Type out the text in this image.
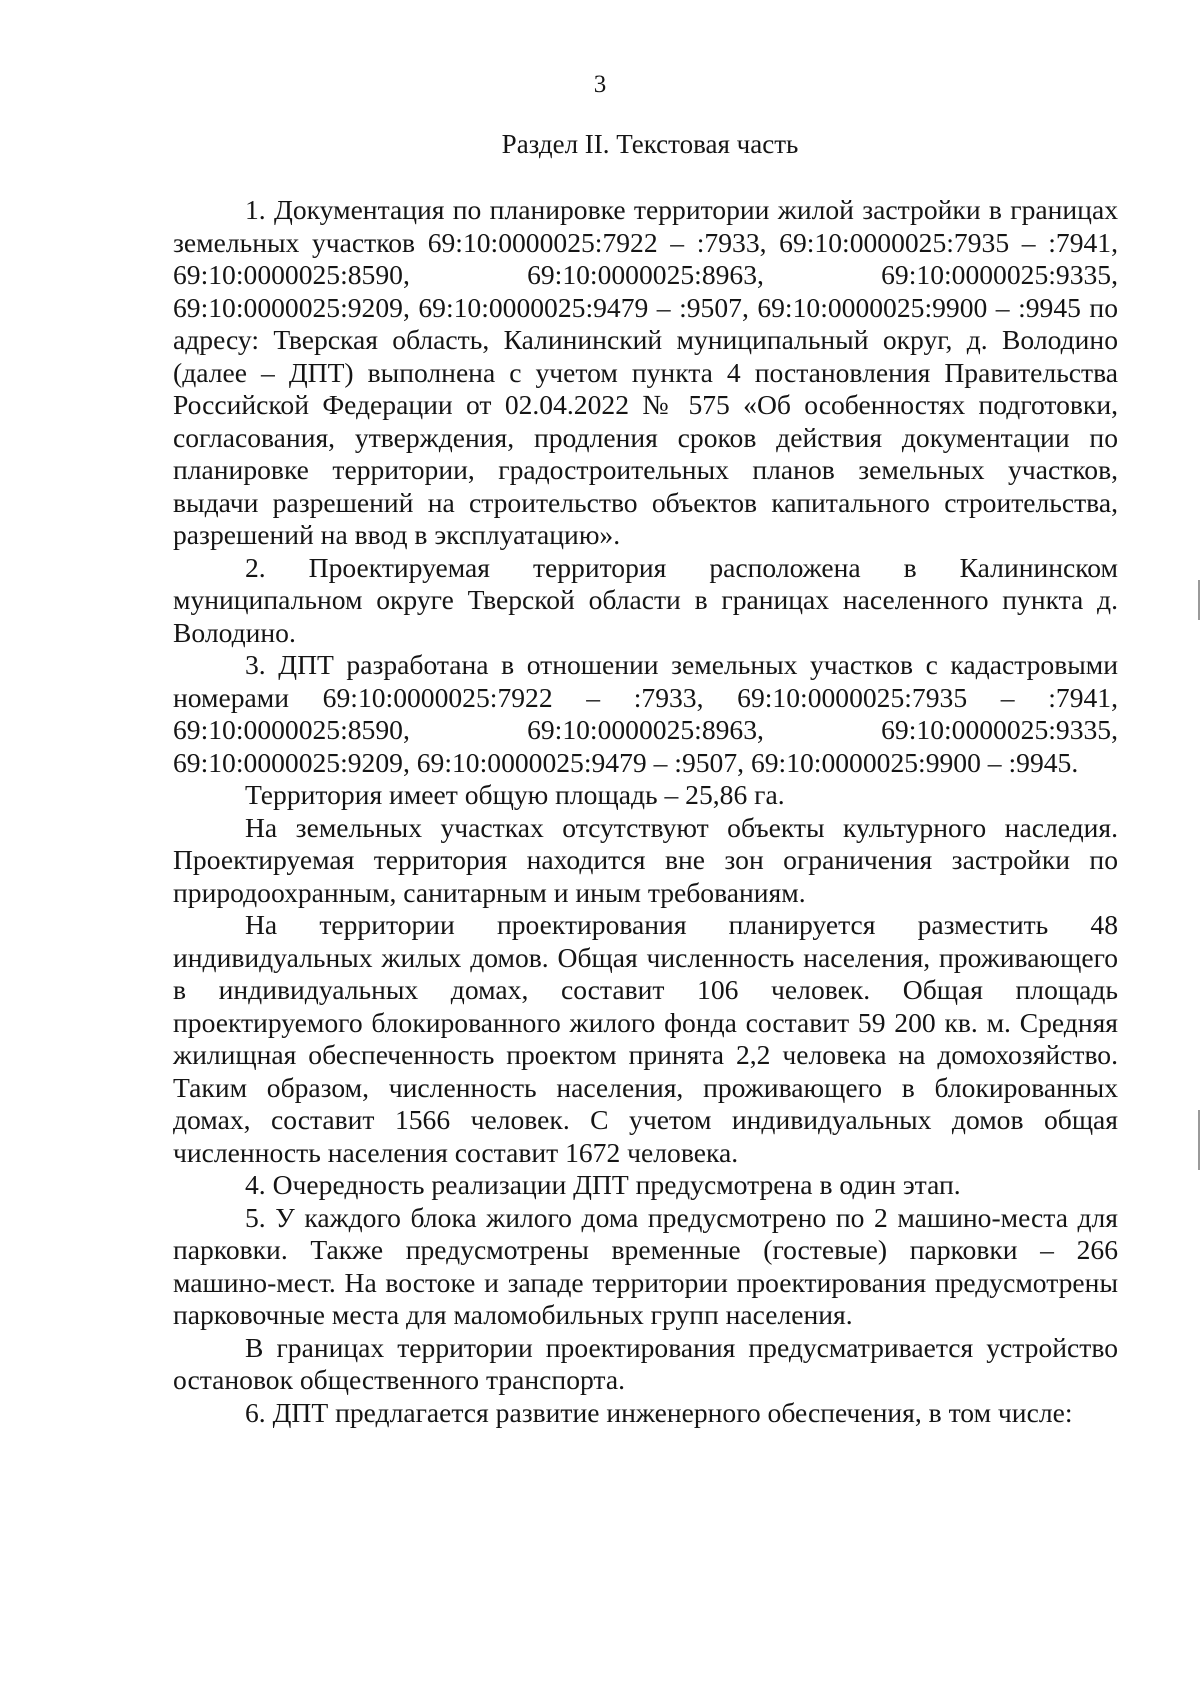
3
Раздел II. Текстовая часть

1. Документация по планировке территории жилой застройки в границах земельных участков 69:10:0000025:7922 – :7933, 69:10:0000025:7935 – :7941, 69:10:0000025:8590, 69:10:0000025:8963, 69:10:0000025:9335, 69:10:0000025:9209, 69:10:0000025:9479 – :9507, 69:10:0000025:9900 – :9945 по адресу: Тверская область, Калининский муниципальный округ, д. Володино (далее – ДПТ) выполнена с учетом пункта 4 постановления Правительства Российской Федерации от 02.04.2022 № 575 «Об особенностях подготовки, согласования, утверждения, продления сроков действия документации по планировке территории, градостроительных планов земельных участков, выдачи разрешений на строительство объектов капитального строительства, разрешений на ввод в эксплуатацию».

2. Проектируемая территория расположена в Калининском муниципальном округе Тверской области в границах населенного пункта д. Володино.

3. ДПТ разработана в отношении земельных участков с кадастровыми номерами 69:10:0000025:7922 – :7933, 69:10:0000025:7935 – :7941, 69:10:0000025:8590, 69:10:0000025:8963, 69:10:0000025:9335, 69:10:0000025:9209, 69:10:0000025:9479 – :9507, 69:10:0000025:9900 – :9945.

Территория имеет общую площадь – 25,86 га.

На земельных участках отсутствуют объекты культурного наследия. Проектируемая территория находится вне зон ограничения застройки по природоохранным, санитарным и иным требованиям.

На территории проектирования планируется разместить 48 индивидуальных жилых домов. Общая численность населения, проживающего в индивидуальных домах, составит 106 человек. Общая площадь проектируемого блокированного жилого фонда составит 59 200 кв. м. Средняя жилищная обеспеченность проектом принята 2,2 человека на домохозяйство. Таким образом, численность населения, проживающего в блокированных домах, составит 1566 человек. С учетом индивидуальных домов общая численность населения составит 1672 человека.

4. Очередность реализации ДПТ предусмотрена в один этап.

5. У каждого блока жилого дома предусмотрено по 2 машино-места для парковки. Также предусмотрены временные (гостевые) парковки – 266 машино-мест. На востоке и западе территории проектирования предусмотрены парковочные места для маломобильных групп населения.

В границах территории проектирования предусматривается устройство остановок общественного транспорта.

6. ДПТ предлагается развитие инженерного обеспечения, в том числе:
